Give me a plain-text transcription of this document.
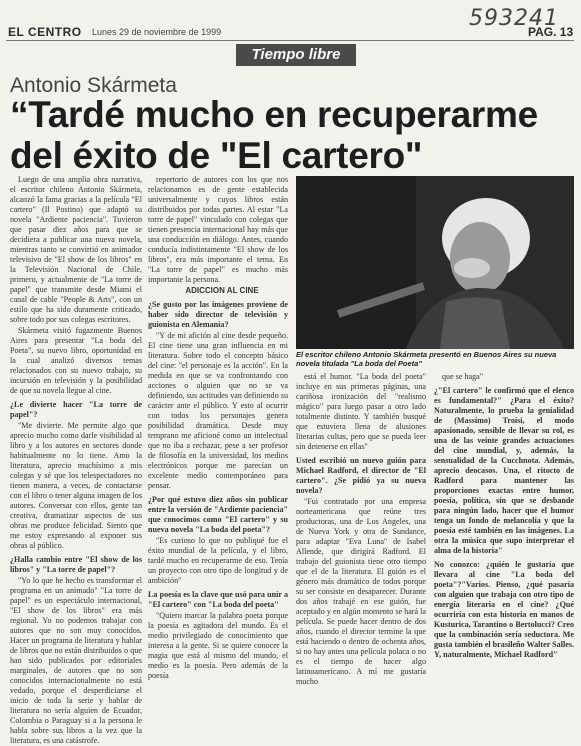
593241
EL CENTRO Lunes 29 de noviembre de 1999	PAG. 13
Tiempo libre
Antonio Skármeta
“Tardé mucho en recuperarme del éxito de "El cartero"

Luego de una amplia obra narrativa, el escritor chileno Antonio Skármeta, alcanzó la fama gracias a la película "El cartero" (Il Postino) que adaptó su novela "Ardiente paciencia". Tuvieron que pasar diez años para que se decidiera a publicar una nueva novela, mientras tanto se convirtió en animador televisivo de "El show de los libros" en la Televisión Nacional de Chile, primero, y actualmente de "La torre de papel" que transmite desde Miami el canal de cable "People & Arts", con un estilo que ha sido duramente criticado, sobre todo por sus colegas escritores.

Skármeta visitó fugazmente Buenos Aires para presentar "La boda del Poeta", su nuevo libro, oportunidad en la cual analizó diversos temas relacionados con su nuevo trabajo, su incursión en televisión y la posibilidad de que su novela llegue al cine.

¿Le divierte hacer "La torre de papel"?

"Me divierte. Me permite algo que aprecio mucho como darle visibilidad al libro y a los autores en sectores donde habitualmente no lo tiene. Amo la literatura, aprecio muchísimo a mis colegas y sé que los telespectadores no tienen manera, a veces, de contactarse con el libro o tener alguna imagen de los autores. Conversar con ellos, gente tan creativa, dramatizar aspectos de sus obras me produce felicidad. Siento que me estoy expresando al exponer sus obras al público.

¿Halla cambio entre "El show de los libros" y "La torre de papel"?

"Yo lo que he hecho es transformar el programa en un animado" "La torre de papel" es un espectáculo internacional, "El show de los libros" era más regional. Yo no podemos trabajar con autores que no son muy conocidos. Hacer un programa de literatura y hablar de libros que no están distribuidos o que han sido publicados por editoriales marginales, de autores que no son conocidos internacionalmente no está vedado, porque el desperdiciarse el inicio de toda la serie y hablar de literatura no sería alguien de Ecuador, Colombia o Paraguay si a la persona le habla sobre sus libros a la vez que la literatura, es una catástrofe.

repertorio de autores con los que nos relacionamos es de gente establecida universalmente y cuyos libros están distribuidos por todas partes. Al estar "La torre de papel" vinculado con colegas que tienen presencia internacional hay más que una conducción en diálogo. Antes, cuando conducía indistintamente "El show de los libros", era más importante el tema. En "La torre de papel" es mucho más importante la persona.

ADICCION AL CINE

¿Se gusto por las imágenes proviene de haber sido director de televisión y guionista en Alemania?

"Y de mi afición al cine desde pequeño. El cine tiene una gran influencia en mi literatura. Sobre todo el concepto básico del cine: "el personaje es la acción". En la medida en que se va confrontando con acciones o alguien que no se va definiendo, sus actitudes van definiendo su carácter ante el público. Y esto al ocurrir con todos los personajes genera posibilidad dramática. Desde muy temprano me aficioné como un intelectual que no iba a rechazar, pese a ser profesor de filosofía en la universidad, los medios electrónicos porque me parecían un excelente medio contemporáneo para pensar.

¿Por qué estuvo diez años sin publicar entre la versión de "Ardiente paciencia" que conocimos como "El cartero" y su nueva novela "La boda del poeta"?

"Es curioso lo que no publiqué fue el éxito mundial de la película, y el libro, tardé mucho en recuperarme de eso. Tenía un proyecto con otro tipo de longitud y de ambición"

La poesía es la clave que usó para unir a "El cartero" con "La boda del poeta"

"Quiero marcar la palabra poeta porque la poesía es agitadora del mundo. Es el medio privilegiado de conocimiento que interesa a la gente. Si se quiere conocer la magia que está al mismo del mundo, el medio es la poesía. Pero además de la poesía

El escritor chileno Antonio Skármeta presentó en Buenos Aires su nueva novela titulada "La boda del Poeta"

está el humor. "La boda del poeta" incluye en sus primeras páginas, una cariñosa ironización del "realismo mágico" para luego pasar a otro lado totalmente distinto. Y también busqué que estuviera llena de alusiones literarias cultas, pero que se pueda leer sin detenerse en ellas"

Usted escribió un nuevo guión para Michael Radford, el director de "El cartero". ¿Se pidió ya su nueva novela?

"Fui contratado por una empresa norteamericana que reúne tres productoras, una de Los Angeles, una de Nueva York y otra de Sundance, para adaptar "Eva Luna" de Isabel Allende, que dirigirá Radford. El trabajo del guionista tiene otro tiempo que el de la literatura. El guión es el género más dramático de todos porque su ser consiste en desaparecer. Durante dos años trabajé en ese guión, fue aceptado y en algún momento se hará la película. Se puede hacer dentro de dos años, cuando el director termine la que está haciendo o dentro de ochenta años, si no hay antes una película polaca o no es el tiempo de hacer algo latinoamericano. A mí me gustaría mucho

que se haga"

¿"El cartero" le confirmó que el elenco es fundamental?" ¿Para el éxito? Naturalmente, lo prueba la genialidad de (Massimo) Troisi, el modo apasionado, sensible de llevar su rol, es una de las veinte grandes actuaciones del cine mundial, y, además, la sensualidad de la Cucchnota. Además, aprecio deocasos. Una, el ritocto de Radford para mantener las proporciones exactas entre humor, poesía, política, sin que se desbande para ningún lado, hacer que el humor tenga un fondo de melancolía y que la poesía esté también en las imágenes. La otra la música que supo interpretar el alma de la historia"

No conozco: ¿quién le gustaría que llevara al cine "La boda del poeta"?"Varios. Pienso, ¿qué pasaría con alguien que trabaja con otro tipo de energía literaria en el cine? ¿Qué ocurriría con esta historia en manos de Kusturica, Tarantino o Bertolucci? Creo que la combinación sería seductora. Me gusta también el brasileño Walter Salles. Y, naturalmente, Michael Radford"
